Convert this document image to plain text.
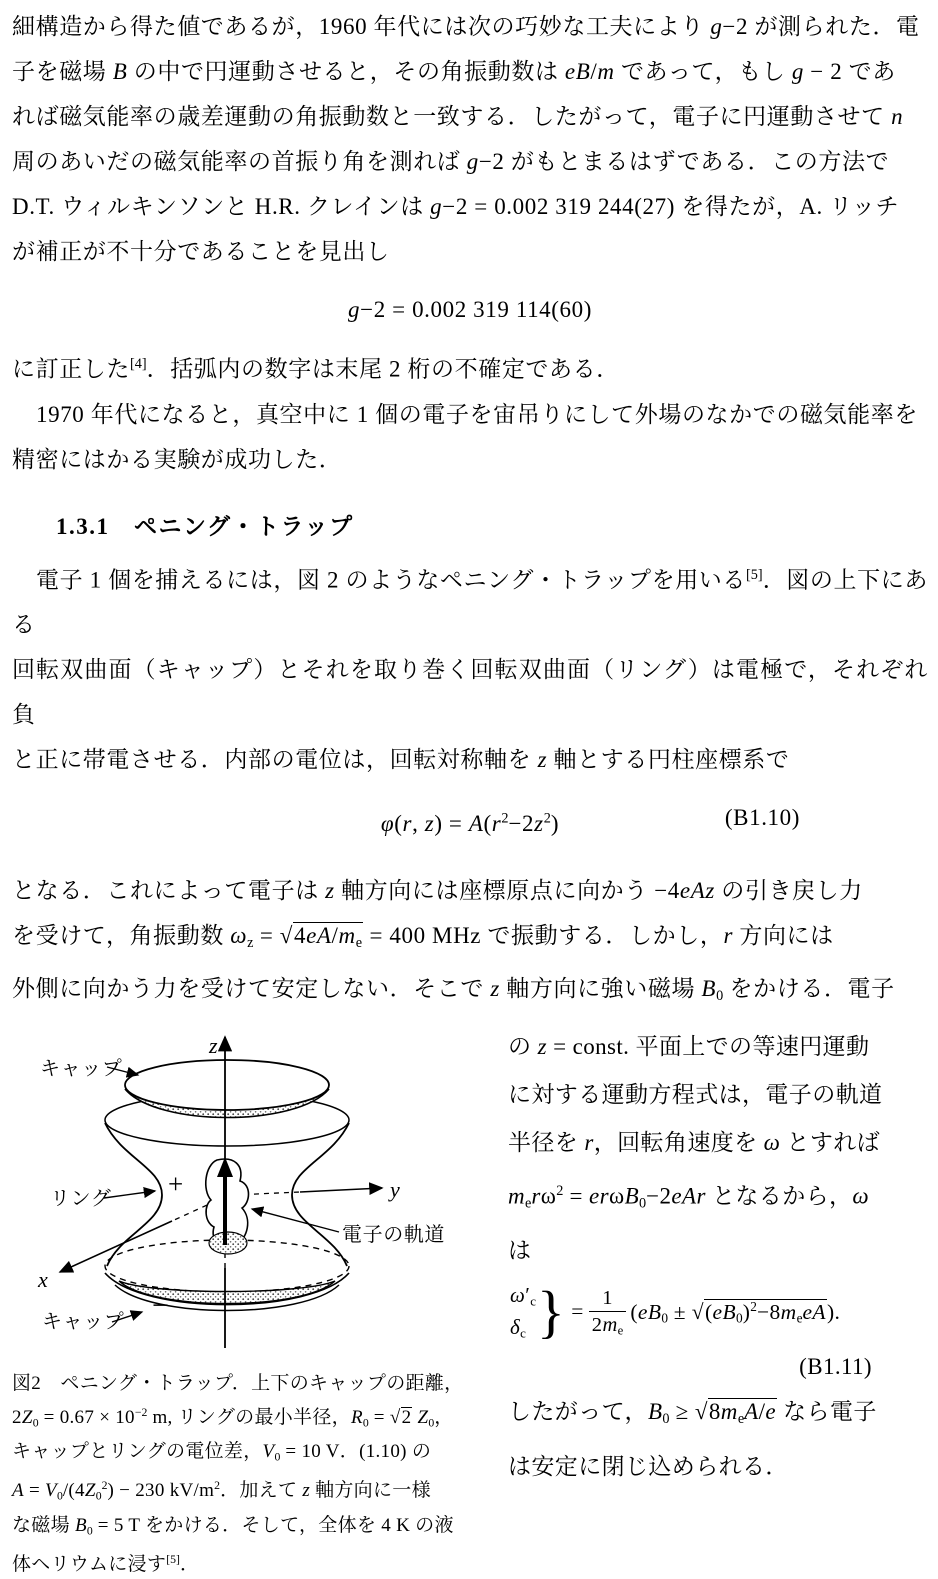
細構造から得た値であるが，1960 年代には次の巧妙な工夫により g−2 が測られた．電
子を磁場 B の中で円運動させると，その角振動数は eB/m であって，もし g − 2 であ
れば磁気能率の歳差運動の角振動数と一致する．したがって，電子に円運動させて n
周のあいだの磁気能率の首振り角を測れば g−2 がもとまるはずである．この方法で
D.T. ウィルキンソンと H.R. クレインは g−2 = 0.002 319 244(27) を得たが，A. リッチ
が補正が不十分であることを見出し
g−2 = 0.002 319 114(60)
に訂正した[4]．括弧内の数字は末尾 2 桁の不確定である．
1970 年代になると，真空中に 1 個の電子を宙吊りにして外場のなかでの磁気能率を
精密にはかる実験が成功した．
1.3.1　ペニング・トラップ
電子 1 個を捕えるには，図 2 のようなペニング・トラップを用いる[5]．図の上下にある
回転双曲面（キャップ）とそれを取り巻く回転双曲面（リング）は電極で，それぞれ負
と正に帯電させる．内部の電位は，回転対称軸を z 軸とする円柱座標系で
φ(r, $z) = A(r^2-2z^2)$	(B1.10)
となる．これによって電子は z 軸方向には座標原点に向かう −4eAz の引き戻し力
を受けて，角振動数 $\omega_z = √4eA/m_e = 400$ MHz で振動する．しかし，r 方向には
外側に向かう力を受けて安定しない．そこで z 軸方向に強い磁場 $B_0$ をかける．電子
キャップ
リング
キャップ
電子の軌道
z
y
x
+
−
図2　ペニング・トラップ．上下のキャップの距離，
$2Z_0 = 0.67 \times 10^{-2}$ m, リングの最小半径，$R_0 = √2$ $Z_0$，
キャップとリングの電位差，$V_0 = 10$ V．(1.10) の
$A = V_0/(4Z_0^2) - 230$ $kV/m^2$．加えて z 軸方向に一様
な磁場 $B_0 = 5$ T をかける．そして，全体を 4 K の液
体ヘリウムに浸す[5]．
の z = const. 平面上での等速円運動
に対する運動方程式は，電子の軌道
半径を r，回転角速度を ω とすれば
$m_er\omega^2 = er\omega B_0-2eAr$ となるから，ω
は
$\omega'_c$
$\delta_c$ } = $\frac{1}{2m_e} (eB_0 \pm √(eB_0)^2-8m_eeA)$.
(B1.11)
したがって，$B_0 \ge √8m_eA/e$ なら電子
は安定に閉じ込められる．
